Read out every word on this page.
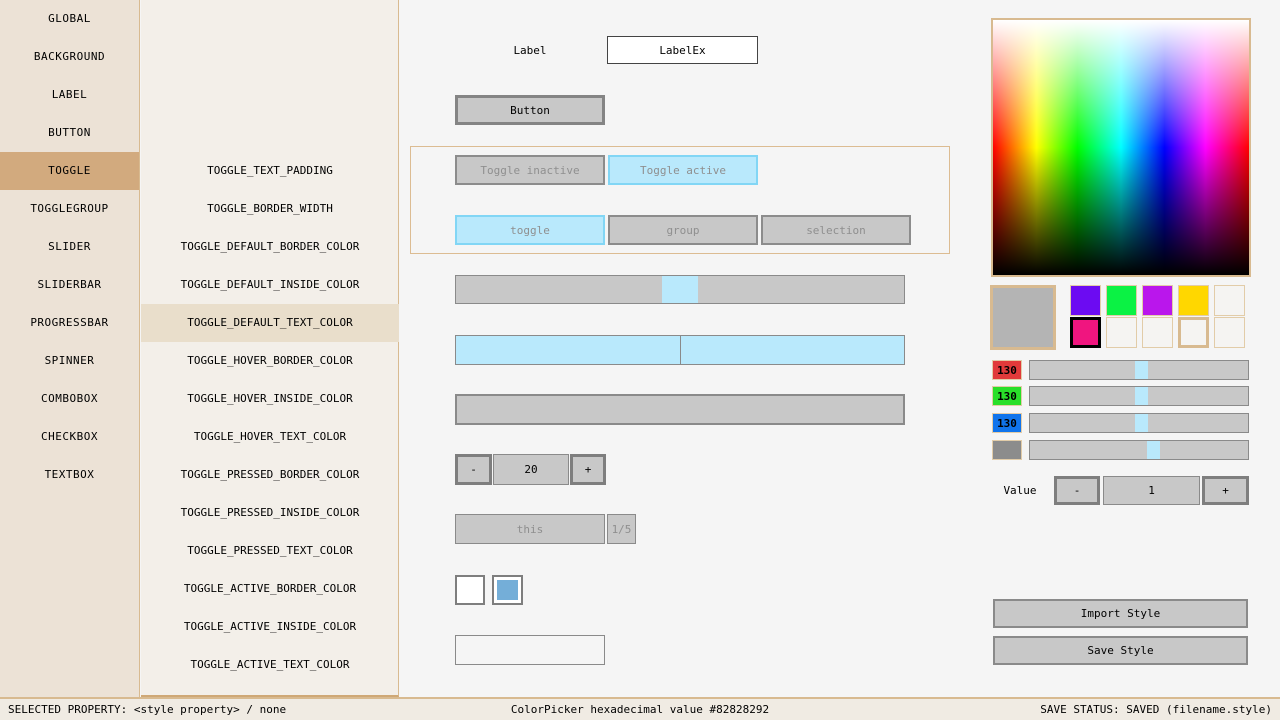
GLOBAL
BACKGROUND
LABEL
BUTTON
TOGGLE
TOGGLEGROUP
SLIDER
SLIDERBAR
PROGRESSBAR
SPINNER
COMBOBOX
CHECKBOX
TEXTBOX
TOGGLE_TEXT_PADDING
TOGGLE_BORDER_WIDTH
TOGGLE_DEFAULT_BORDER_COLOR
TOGGLE_DEFAULT_INSIDE_COLOR
TOGGLE_DEFAULT_TEXT_COLOR
TOGGLE_HOVER_BORDER_COLOR
TOGGLE_HOVER_INSIDE_COLOR
TOGGLE_HOVER_TEXT_COLOR
TOGGLE_PRESSED_BORDER_COLOR
TOGGLE_PRESSED_INSIDE_COLOR
TOGGLE_PRESSED_TEXT_COLOR
TOGGLE_ACTIVE_BORDER_COLOR
TOGGLE_ACTIVE_INSIDE_COLOR
TOGGLE_ACTIVE_TEXT_COLOR
Label	LabelEx
Button
Toggle inactive	Toggle active
toggle	group	selection
-	20	+
this	1/5
130
130
130
Value	-	1	+
Import Style
Save Style
SELECTED PROPERTY: <style property> / none	ColorPicker hexadecimal value #82828292	SAVE STATUS: SAVED (filename.style)
